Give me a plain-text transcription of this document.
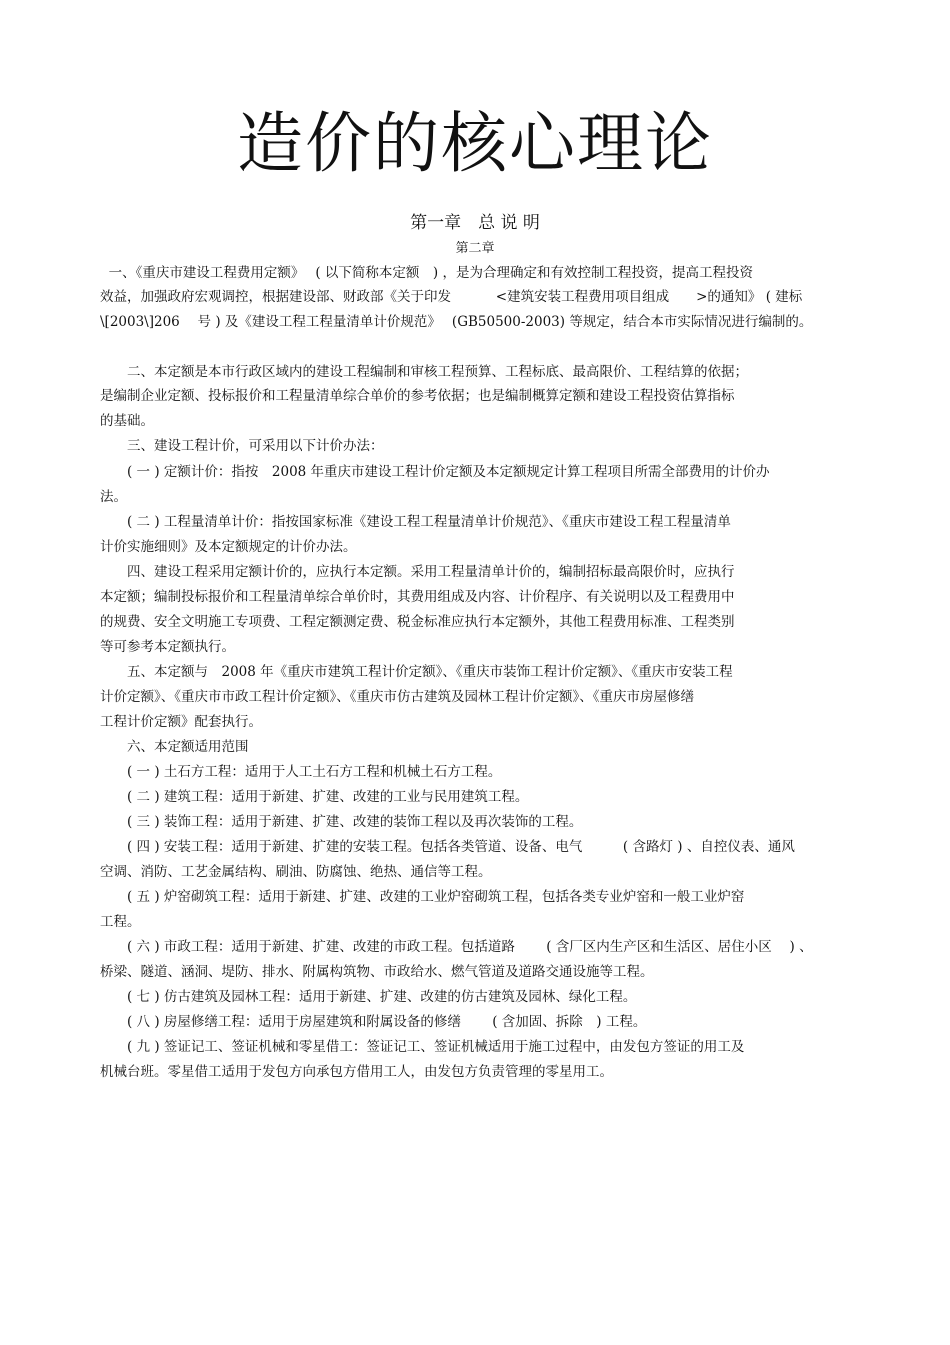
造价的核心理论
第一章　总 说 明
第二章
一、《重庆市建设工程费用定额》　 ( 以下简称本定额　) ，是为合理确定和有效控制工程投资，提高工程投资
效益，加强政府宏观调控，根据建设部、财政部《关于印发　　　 <建筑安装工程费用项目组成　　>的通知》 ( 建标
\[2003\]206　 号 ) 及《建设工程工程量清单计价规范》　 (GB50500-2003) 等规定，结合本市实际情况进行编制的。
　　二、本定额是本市行政区域内的建设工程编制和审核工程预算、工程标底、最高限价、工程结算的依据；
是编制企业定额、投标报价和工程量清单综合单价的参考依据；也是编制概算定额和建设工程投资估算指标
的基础。
　　三、建设工程计价，可采用以下计价办法：
　　( 一 ) 定额计价：指按　2008 年重庆市建设工程计价定额及本定额规定计算工程项目所需全部费用的计价办
法。
　　( 二 ) 工程量清单计价：指按国家标准《建设工程工程量清单计价规范》、《重庆市建设工程工程量清单
计价实施细则》及本定额规定的计价办法。
　　四、建设工程采用定额计价的，应执行本定额。采用工程量清单计价的，编制招标最高限价时，应执行
本定额；编制投标报价和工程量清单综合单价时，其费用组成及内容、计价程序、有关说明以及工程费用中
的规费、安全文明施工专项费、工程定额测定费、税金标准应执行本定额外，其他工程费用标准、工程类别
等可参考本定额执行。
　　五、本定额与　2008 年《重庆市建筑工程计价定额》、《重庆市装饰工程计价定额》、《重庆市安装工程
计价定额》、《重庆市市政工程计价定额》、《重庆市仿古建筑及园林工程计价定额》、《重庆市房屋修缮
工程计价定额》配套执行。
　　六、本定额适用范围
　　( 一 ) 土石方工程：适用于人工土石方工程和机械土石方工程。
　　( 二 ) 建筑工程：适用于新建、扩建、改建的工业与民用建筑工程。
　　( 三 ) 装饰工程：适用于新建、扩建、改建的装饰工程以及再次装饰的工程。
　　( 四 ) 安装工程：适用于新建、扩建的安装工程。包括各类管道、设备、电气　　　( 含路灯 ) 、自控仪表、通风
空调、消防、工艺金属结构、刷油、防腐蚀、绝热、通信等工程。
　　( 五 ) 炉窑砌筑工程：适用于新建、扩建、改建的工业炉窑砌筑工程，包括各类专业炉窑和一般工业炉窑
工程。
　　( 六 ) 市政工程：适用于新建、扩建、改建的市政工程。包括道路　　 ( 含厂区内生产区和生活区、居住小区　 ) 、
桥梁、隧道、涵洞、堤防、排水、附属构筑物、市政给水、燃气管道及道路交通设施等工程。
　　( 七 ) 仿古建筑及园林工程：适用于新建、扩建、改建的仿古建筑及园林、绿化工程。
　　( 八 ) 房屋修缮工程：适用于房屋建筑和附属设备的修缮　　 ( 含加固、拆除　) 工程。
　　( 九 ) 签证记工、签证机械和零星借工：签证记工、签证机械适用于施工过程中，由发包方签证的用工及
机械台班。零星借工适用于发包方向承包方借用工人，由发包方负责管理的零星用工。
